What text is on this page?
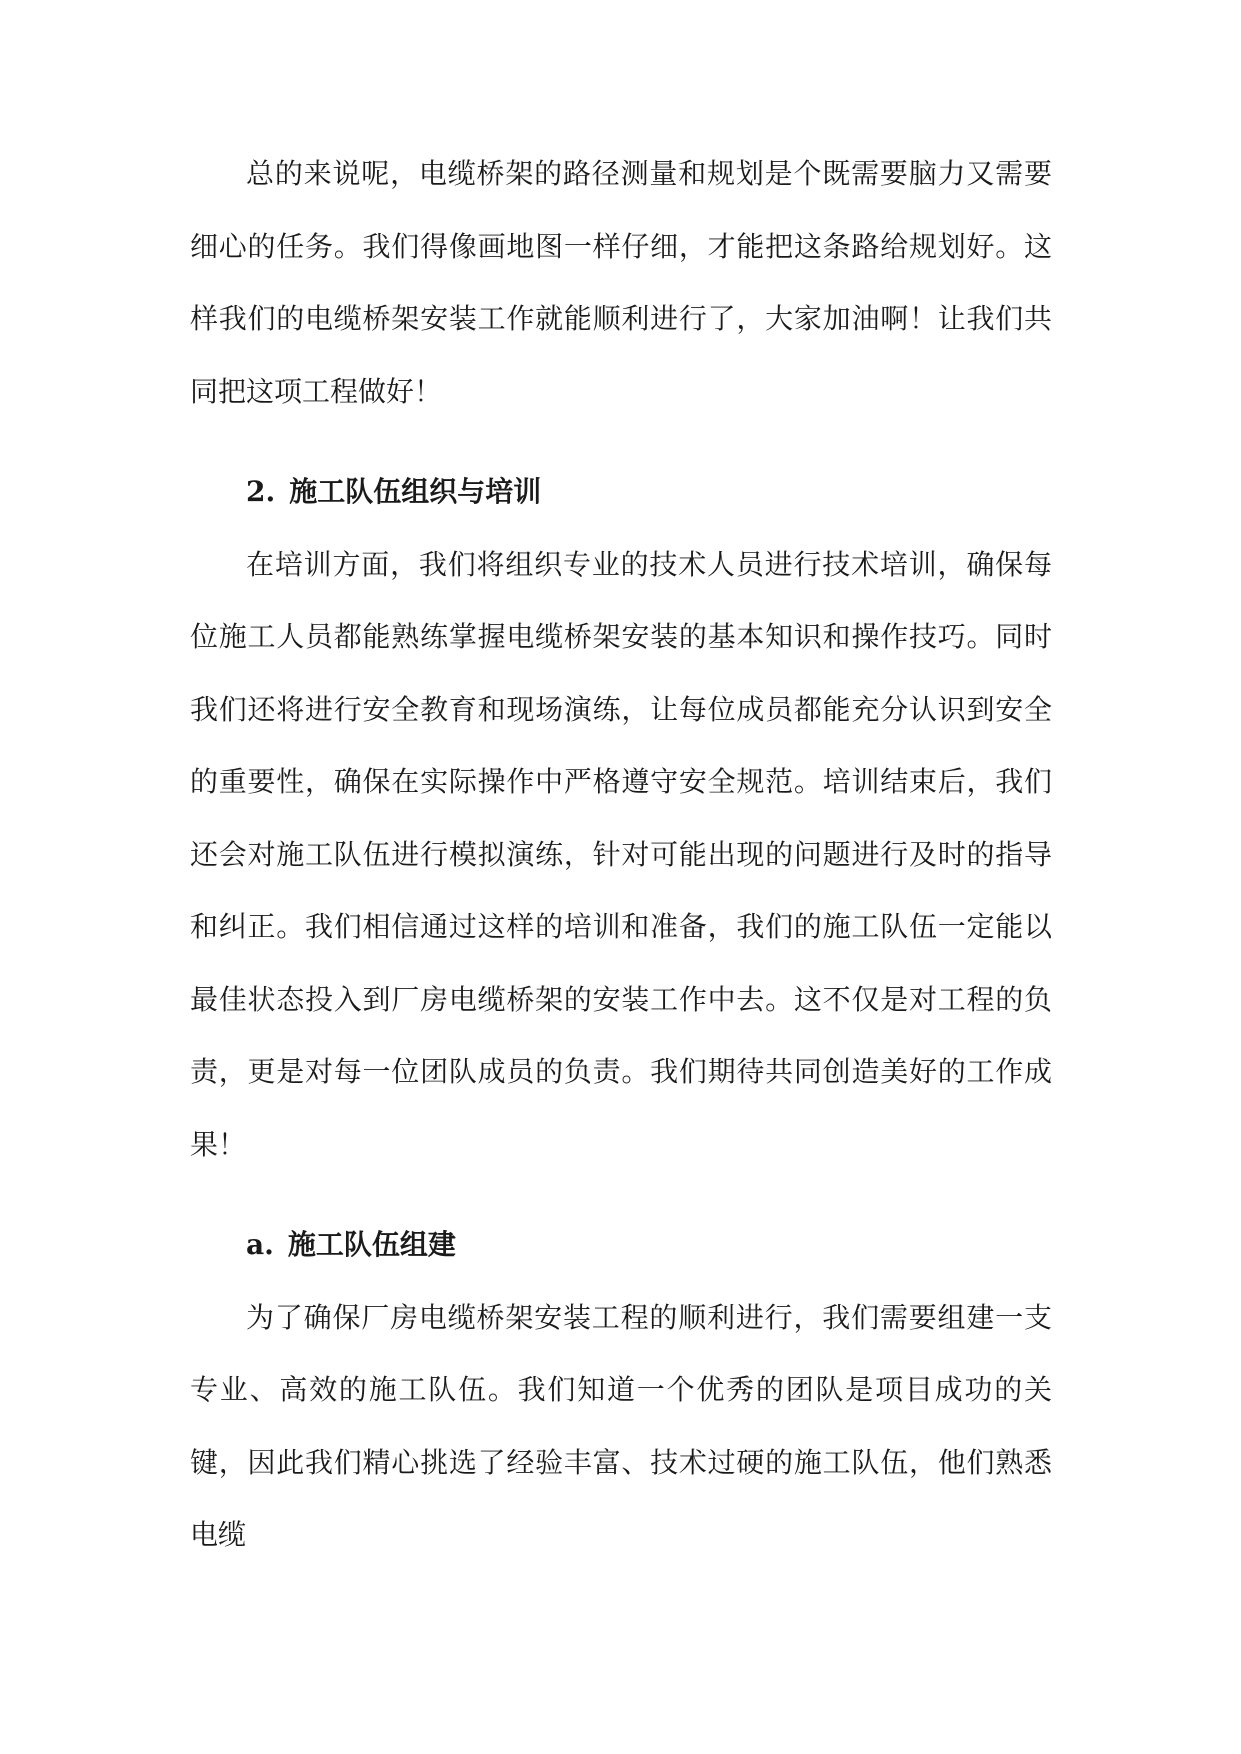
总的来说呢，电缆桥架的路径测量和规划是个既需要脑力又需要细心的任务。我们得像画地图一样仔细，才能把这条路给规划好。这样我们的电缆桥架安装工作就能顺利进行了，大家加油啊！让我们共同把这项工程做好！

2. 施工队伍组织与培训

在培训方面，我们将组织专业的技术人员进行技术培训，确保每位施工人员都能熟练掌握电缆桥架安装的基本知识和操作技巧。同时我们还将进行安全教育和现场演练，让每位成员都能充分认识到安全的重要性，确保在实际操作中严格遵守安全规范。培训结束后，我们还会对施工队伍进行模拟演练，针对可能出现的问题进行及时的指导和纠正。我们相信通过这样的培训和准备，我们的施工队伍一定能以最佳状态投入到厂房电缆桥架的安装工作中去。这不仅是对工程的负责，更是对每一位团队成员的负责。我们期待共同创造美好的工作成果！

a. 施工队伍组建

为了确保厂房电缆桥架安装工程的顺利进行，我们需要组建一支专业、高效的施工队伍。我们知道一个优秀的团队是项目成功的关键，因此我们精心挑选了经验丰富、技术过硬的施工队伍，他们熟悉电缆
